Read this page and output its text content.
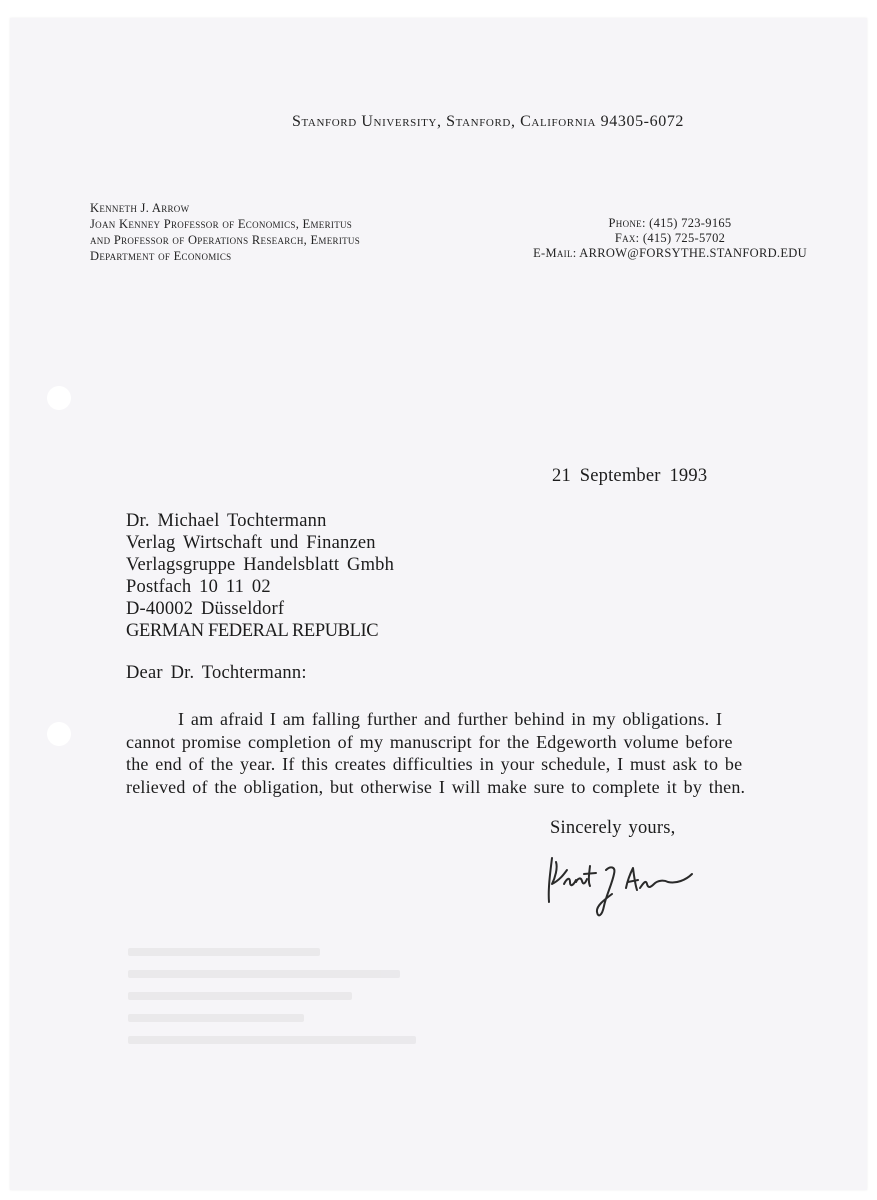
Stanford University, Stanford, California 94305-6072
Kenneth J. Arrow
Joan Kenney Professor of Economics, Emeritus
and Professor of Operations Research, Emeritus
Department of Economics
Phone: (415) 723-9165
Fax: (415) 725-5702
E-Mail: ARROW@FORSYTHE.STANFORD.EDU
21 September 1993
Dr. Michael Tochtermann
Verlag Wirtschaft und Finanzen
Verlagsgruppe Handelsblatt Gmbh
Postfach 10 11 02
D-40002 Düsseldorf
GERMAN FEDERAL REPUBLIC
Dear Dr. Tochtermann:
I am afraid I am falling further and further behind in my obligations. I
cannot promise completion of my manuscript for the Edgeworth volume before
the end of the year. If this creates difficulties in your schedule, I must ask to be
relieved of the obligation, but otherwise I will make sure to complete it by then.
Sincerely yours,
